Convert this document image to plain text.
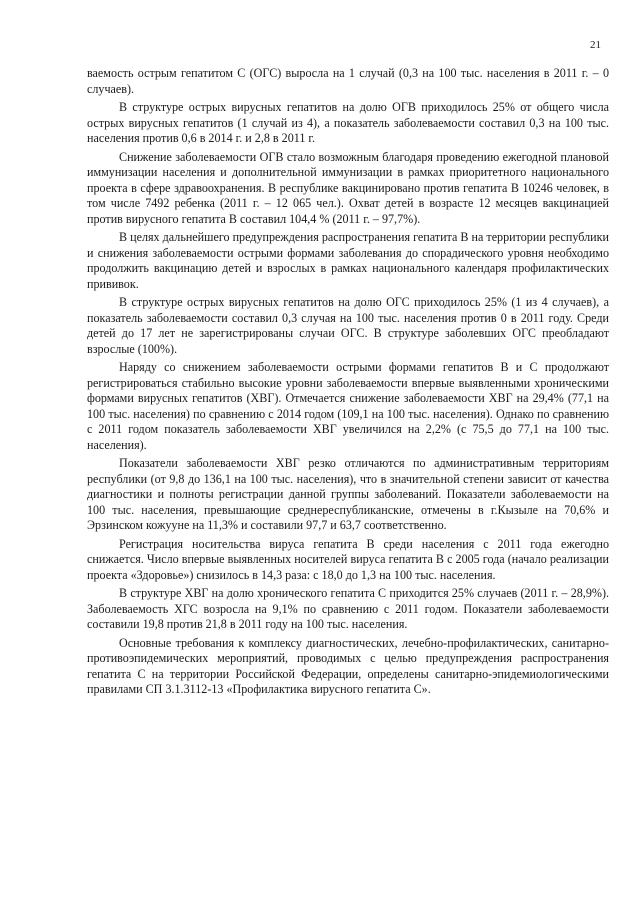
21

ваемость острым гепатитом С (ОГС) выросла на 1 случай (0,3 на 100 тыс. населения в 2011 г. – 0 случаев).

В структуре острых вирусных гепатитов на долю ОГВ приходилось 25% от общего числа острых вирусных гепатитов (1 случай из 4), а показатель заболеваемости составил 0,3 на 100 тыс. населения против 0,6 в 2014 г. и 2,8 в 2011 г.

Снижение заболеваемости ОГВ стало возможным благодаря проведению ежегодной плановой иммунизации населения и дополнительной иммунизации в рамках приоритетного национального проекта в сфере здравоохранения. В республике вакцинировано против гепатита В 10246 человек, в том числе 7492 ребенка (2011 г. – 12 065 чел.). Охват детей в возрасте 12 месяцев вакцинацией против вирусного гепатита В составил 104,4 % (2011 г. – 97,7%).

В целях дальнейшего предупреждения распространения гепатита В на территории республики и снижения заболеваемости острыми формами заболевания до спорадического уровня необходимо продолжить вакцинацию детей и взрослых в рамках национального календаря профилактических прививок.

В структуре острых вирусных гепатитов на долю ОГС приходилось 25% (1 из 4 случаев), а показатель заболеваемости составил 0,3 случая на 100 тыс. населения против 0 в 2011 году. Среди детей до 17 лет не зарегистрированы случаи ОГС. В структуре заболевших ОГС преобладают взрослые (100%).

Наряду со снижением заболеваемости острыми формами гепатитов В и С продолжают регистрироваться стабильно высокие уровни заболеваемости впервые выявленными хроническими формами вирусных гепатитов (ХВГ). Отмечается снижение заболеваемости ХВГ на 29,4% (77,1 на 100 тыс. населения) по сравнению с 2014 годом (109,1 на 100 тыс. населения). Однако по сравнению с 2011 годом показатель заболеваемости ХВГ увеличился на 2,2% (с 75,5 до 77,1 на 100 тыс. населения).

Показатели заболеваемости ХВГ резко отличаются по административным территориям республики (от 9,8 до 136,1 на 100 тыс. населения), что в значительной степени зависит от качества диагностики и полноты регистрации данной группы заболеваний. Показатели заболеваемости на 100 тыс. населения, превышающие среднереспубликанские, отмечены в г.Кызыле на 70,6% и Эрзинском кожууне на 11,3% и составили 97,7 и 63,7 соответственно.

Регистрация носительства вируса гепатита В среди населения с 2011 года ежегодно снижается. Число впервые выявленных носителей вируса гепатита В с 2005 года (начало реализации проекта «Здоровье») снизилось в 14,3 раза: с 18,0 до 1,3 на 100 тыс. населения.

В структуре ХВГ на долю хронического гепатита С приходится 25% случаев (2011 г. – 28,9%). Заболеваемость ХГС возросла на 9,1% по сравнению с 2011 годом. Показатели заболеваемости составили 19,8 против 21,8 в 2011 году на 100 тыс. населения.

Основные требования к комплексу диагностических, лечебно-профилактических, санитарно-противоэпидемических мероприятий, проводимых с целью предупреждения распространения гепатита С на территории Российской Федерации, определены санитарно-эпидемиологическими правилами СП 3.1.3112-13 «Профилактика вирусного гепатита С».
